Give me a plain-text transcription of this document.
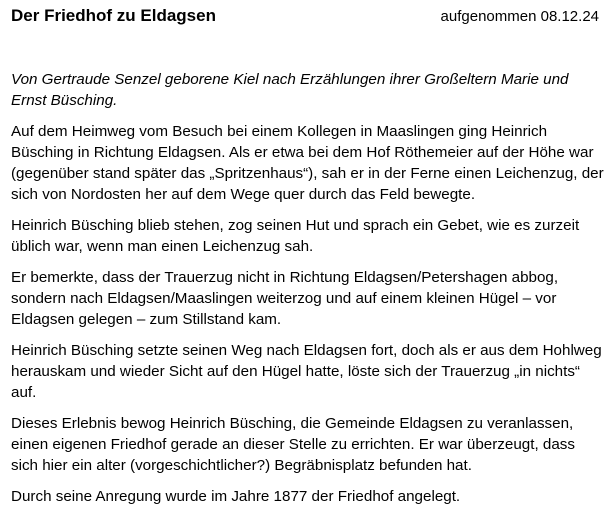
Der Friedhof zu Eldagsen	aufgenommen 08.12.24

Von Gertraude Senzel geborene Kiel nach Erzählungen ihrer Großeltern Marie und Ernst Büsching.

Auf dem Heimweg vom Besuch bei einem Kollegen in Maaslingen ging Heinrich Büsching in Richtung Eldagsen. Als er etwa bei dem Hof Röthemeier auf der Höhe war (gegenüber stand später das „Spritzenhaus“), sah er in der Ferne einen Leichenzug, der sich von Nordosten her auf dem Wege quer durch das Feld bewegte.

Heinrich Büsching blieb stehen, zog seinen Hut und sprach ein Gebet, wie es zurzeit üblich war, wenn man einen Leichenzug sah.

Er bemerkte, dass der Trauerzug nicht in Richtung Eldagsen/Petershagen abbog, sondern nach Eldagsen/Maaslingen weiterzog und auf einem kleinen Hügel – vor Eldagsen gelegen – zum Stillstand kam.

Heinrich Büsching setzte seinen Weg nach Eldagsen fort, doch als er aus dem Hohlweg herauskam und wieder Sicht auf den Hügel hatte, löste sich der Trauerzug „in nichts“ auf.

Dieses Erlebnis bewog Heinrich Büsching, die Gemeinde Eldagsen zu veranlassen, einen eigenen Friedhof gerade an dieser Stelle zu errichten. Er war überzeugt, dass sich hier ein alter (vorgeschichtlicher?) Begräbnisplatz befunden hat.

Durch seine Anregung wurde im Jahre 1877 der Friedhof angelegt.
